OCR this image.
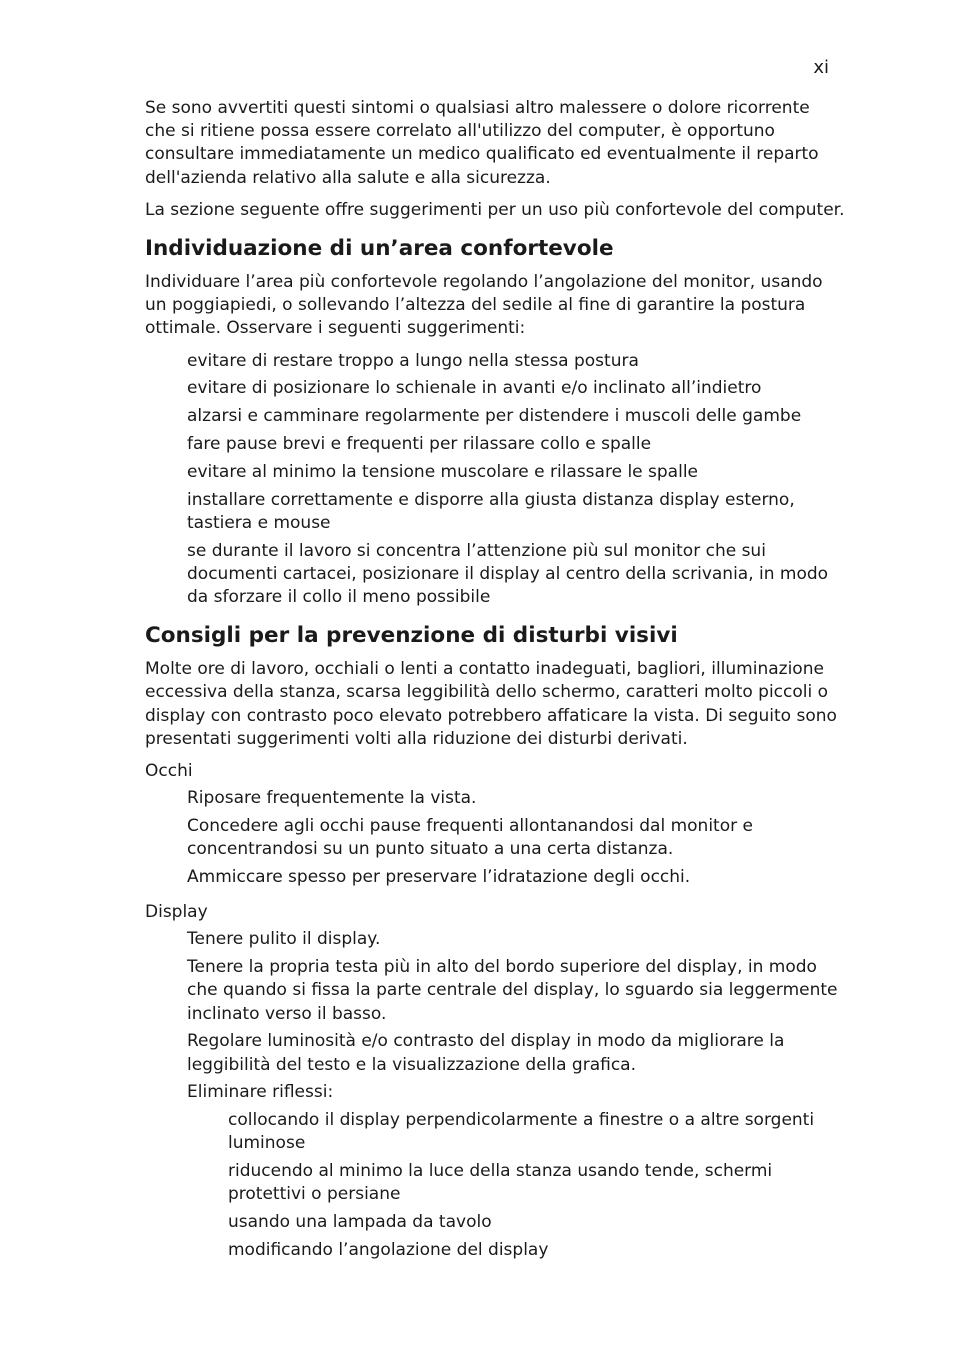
xi

Se sono avvertiti questi sintomi o qualsiasi altro malessere o dolore ricorrente che si ritiene possa essere correlato all'utilizzo del computer, è opportuno consultare immediatamente un medico qualificato ed eventualmente il reparto dell'azienda relativo alla salute e alla sicurezza.

La sezione seguente offre suggerimenti per un uso più confortevole del computer.

Individuazione di un’area confortevole

Individuare l’area più confortevole regolando l’angolazione del monitor, usando un poggiapiedi, o sollevando l’altezza del sedile al fine di garantire la postura ottimale. Osservare i seguenti suggerimenti:

evitare di restare troppo a lungo nella stessa postura
evitare di posizionare lo schienale in avanti e/o inclinato all’indietro
alzarsi e camminare regolarmente per distendere i muscoli delle gambe
fare pause brevi e frequenti per rilassare collo e spalle
evitare al minimo la tensione muscolare e rilassare le spalle
installare correttamente e disporre alla giusta distanza display esterno, tastiera e mouse
se durante il lavoro si concentra l’attenzione più sul monitor che sui documenti cartacei, posizionare il display al centro della scrivania, in modo da sforzare il collo il meno possibile
Consigli per la prevenzione di disturbi visivi

Molte ore di lavoro, occhiali o lenti a contatto inadeguati, bagliori, illuminazione eccessiva della stanza, scarsa leggibilità dello schermo, caratteri molto piccoli o display con contrasto poco elevato potrebbero affaticare la vista. Di seguito sono presentati suggerimenti volti alla riduzione dei disturbi derivati.

Occhi

Riposare frequentemente la vista.
Concedere agli occhi pause frequenti allontanandosi dal monitor e concentrandosi su un punto situato a una certa distanza.
Ammiccare spesso per preservare l’idratazione degli occhi.

Display

Tenere pulito il display.
Tenere la propria testa più in alto del bordo superiore del display, in modo che quando si fissa la parte centrale del display, lo sguardo sia leggermente inclinato verso il basso.
Regolare luminosità e/o contrasto del display in modo da migliorare la leggibilità del testo e la visualizzazione della grafica.
Eliminare riflessi:
collocando il display perpendicolarmente a finestre o a altre sorgenti luminose
riducendo al minimo la luce della stanza usando tende, schermi protettivi o persiane
usando una lampada da tavolo
modificando l’angolazione del display
